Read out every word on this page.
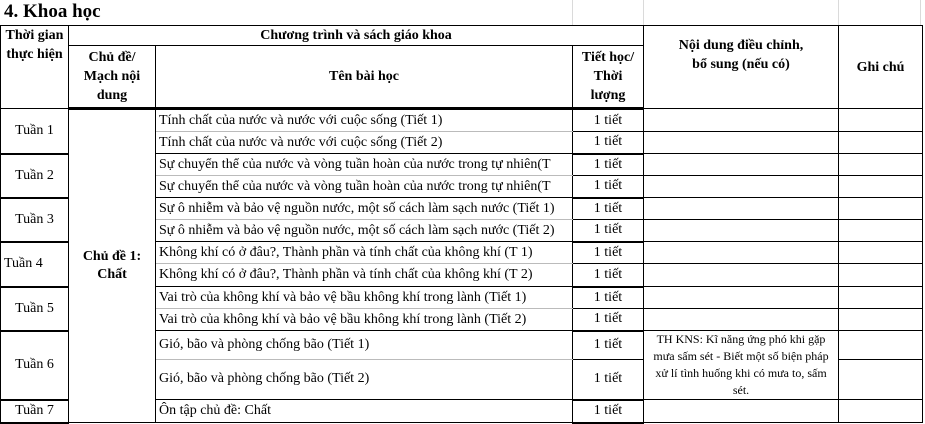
4. Khoa học
Thời gian thực hiện	Chương trình và sách giáo khoa			Nội dung điều chỉnh, bổ sung (nếu có)	Ghi chú
	Chủ đề/ Mạch nội dung	Tên bài học	Tiết học/ Thời lượng		
Tuần 1	Chủ đề 1: Chất	Tính chất của nước và nước với cuộc sống (Tiết 1)	1 tiết		
		Tính chất của nước và nước với cuộc sống (Tiết 2)	1 tiết		
Tuần 2		Sự chuyển thể của nước và vòng tuần hoàn của nước trong tự nhiên(T	1 tiết		
		Sự chuyển thể của nước và vòng tuần hoàn của nước trong tự nhiên(T	1 tiết		
Tuần 3		Sự ô nhiễm và bảo vệ nguồn nước, một số cách làm sạch nước (Tiết 1)	1 tiết		
		Sự ô nhiễm và bảo vệ nguồn nước, một số cách làm sạch nước (Tiết 2)	1 tiết		
Tuần 4		Không khí có ở đâu?, Thành phần và tính chất của không khí (T 1)	1 tiết		
		Không khí có ở đâu?, Thành phần và tính chất của không khí (T 2)	1 tiết		
Tuần 5		Vai trò của không khí và bảo vệ bầu không khí trong lành (Tiết 1)	1 tiết		
		Vai trò của không khí và bảo vệ bầu không khí trong lành (Tiết 2)	1 tiết		
Tuần 6		Gió, bão và phòng chống bão (Tiết 1)	1 tiết	TH KNS: Kĩ năng ứng phó khi gặp mưa sấm sét - Biết một số biện pháp xử lí tình huống khi có mưa to, sấm sét.	
		Gió, bão và phòng chống bão (Tiết 2)	1 tiết		
Tuần 7		Ôn tập chủ đề: Chất	1 tiết		
